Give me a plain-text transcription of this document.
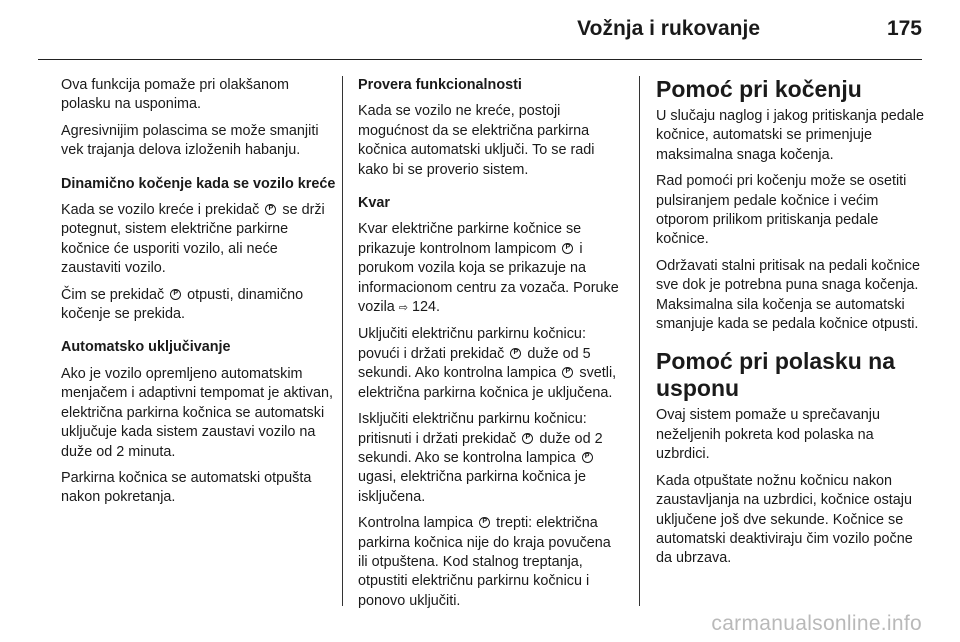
Vožnja i rukovanje	175

Ova funkcija pomaže pri olakšanom polasku na usponima.

Agresivnijim polascima se može smanjiti vek trajanja delova izloženih habanju.

Dinamično kočenje kada se vozilo kreće

Kada se vozilo kreće i prekidač P se drži potegnut, sistem električne parkirne kočnice će usporiti vozilo, ali neće zaustaviti vozilo.

Čim se prekidač P otpusti, dinamično kočenje se prekida.

Automatsko uključivanje

Ako je vozilo opremljeno automatskim menjačem i adaptivni tempomat je aktivan, električna parkirna kočnica se automatski uključuje kada sistem zaustavi vozilo na duže od 2 minuta.

Parkirna kočnica se automatski otpušta nakon pokretanja.

Provera funkcionalnosti

Kada se vozilo ne kreće, postoji mogućnost da se električna parkirna kočnica automatski uključi. To se radi kako bi se proverio sistem.

Kvar

Kvar električne parkirne kočnice se prikazuje kontrolnom lampicom P i porukom vozila koja se prikazuje na informacionom centru za vozača. Poruke vozila ⇨ 124.

Uključiti električnu parkirnu kočnicu: povući i držati prekidač P duže od 5 sekundi. Ako kontrolna lampica P svetli, električna parkirna kočnica je uključena.

Isključiti električnu parkirnu kočnicu: pritisnuti i držati prekidač P duže od 2 sekundi. Ako se kontrolna lampica P ugasi, električna parkirna kočnica je isključena.

Kontrolna lampica P trepti: električna parkirna kočnica nije do kraja povučena ili otpuštena. Kod stalnog treptanja, otpustiti električnu parkirnu kočnicu i ponovo uključiti.

Pomoć pri kočenju

U slučaju naglog i jakog pritiskanja pedale kočnice, automatski se primenjuje maksimalna snaga kočenja.

Rad pomoći pri kočenju može se osetiti pulsiranjem pedale kočnice i većim otporom prilikom pritiskanja pedale kočnice.

Održavati stalni pritisak na pedali kočnice sve dok je potrebna puna snaga kočenja. Maksimalna sila kočenja se automatski smanjuje kada se pedala kočnice otpusti.

Pomoć pri polasku na usponu

Ovaj sistem pomaže u sprečavanju neželjenih pokreta kod polaska na uzbrdici.

Kada otpuštate nožnu kočnicu nakon zaustavljanja na uzbrdici, kočnice ostaju uključene još dve sekunde. Kočnice se automatski deaktiviraju čim vozilo počne da ubrzava.

carmanualsonline.info
